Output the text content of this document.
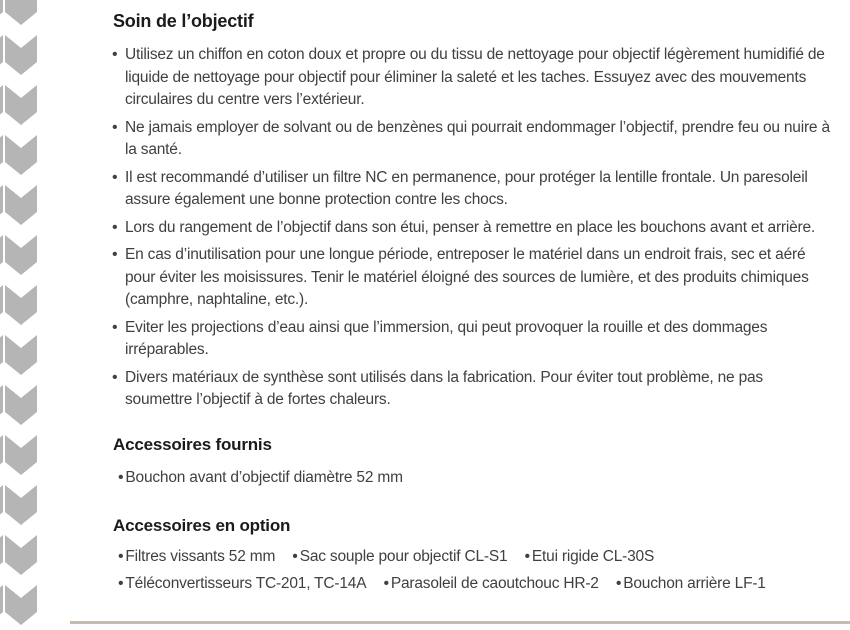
Soin de l’objectif
• Utilisez un chiffon en coton doux et propre ou du tissu de nettoyage pour objectif légèrement humidifié de liquide de nettoyage pour objectif pour éliminer la saleté et les taches. Essuyez avec des mouvements circulaires du centre vers l’extérieur.
• Ne jamais employer de solvant ou de benzènes qui pourrait endommager l’objectif, prendre feu ou nuire à la santé.
• Il est recommandé d’utiliser un filtre NC en permanence, pour protéger la lentille frontale. Un paresoleil assure également une bonne protection contre les chocs.
• Lors du rangement de l’objectif dans son étui, penser à remettre en place les bouchons avant et arrière.
• En cas d’inutilisation pour une longue période, entreposer le matériel dans un endroit frais, sec et aéré pour éviter les moisissures. Tenir le matériel éloigné des sources de lumière, et des produits chimiques (camphre, naphtaline, etc.).
• Eviter les projections d’eau ainsi que l’immersion, qui peut provoquer la rouille et des dommages irréparables.
• Divers matériaux de synthèse sont utilisés dans la fabrication. Pour éviter tout problème, ne pas soumettre l’objectif à de fortes chaleurs.
Accessoires fournis
• Bouchon avant d’objectif diamètre 52 mm
Accessoires en option
• Filtres vissants 52 mm • Sac souple pour objectif CL-S1 • Etui rigide CL-30S
• Téléconvertisseurs TC-201, TC-14A • Parasoleil de caoutchouc HR-2 • Bouchon arrière LF-1
